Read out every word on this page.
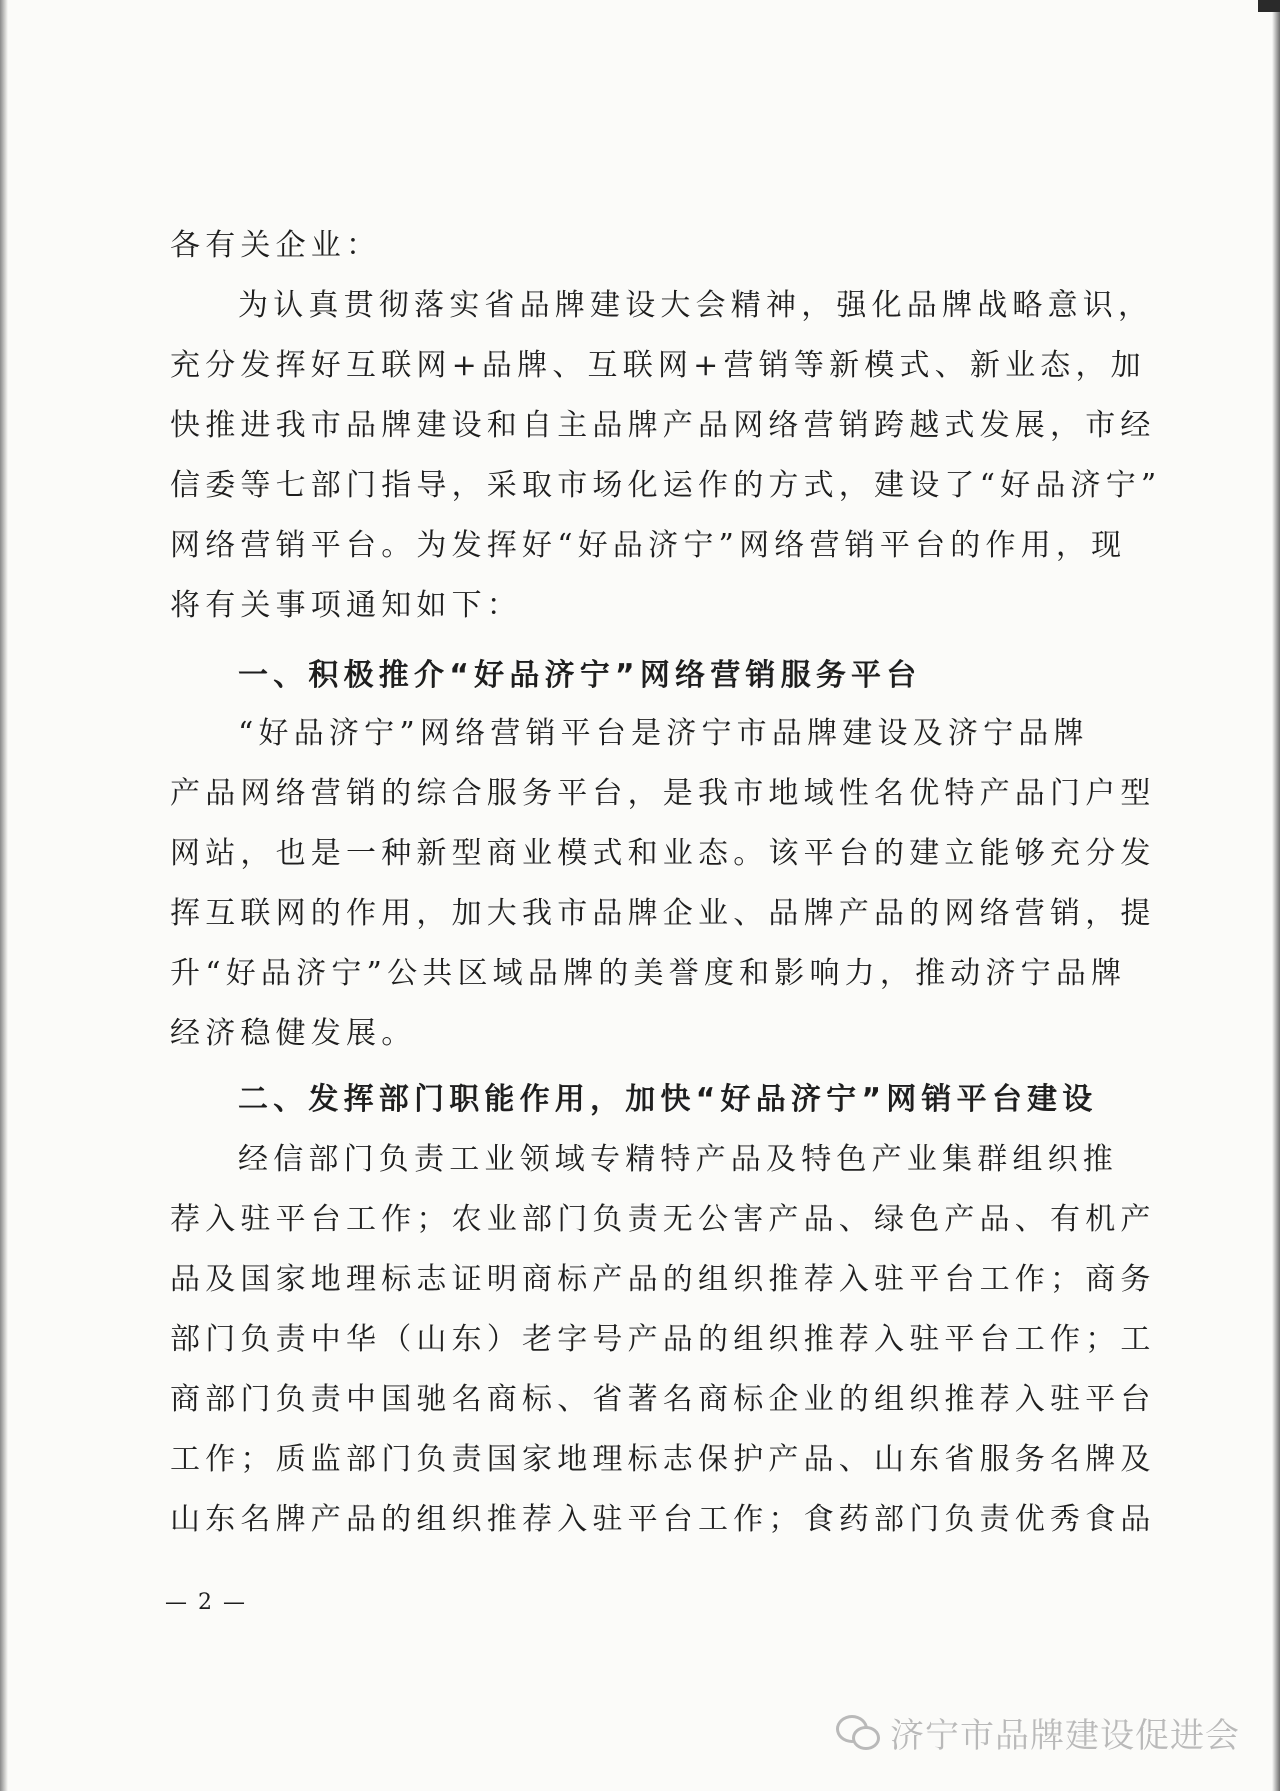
各有关企业：
为认真贯彻落实省品牌建设大会精神，强化品牌战略意识，
充分发挥好互联网+品牌、互联网+营销等新模式、新业态，加
快推进我市品牌建设和自主品牌产品网络营销跨越式发展，市经
信委等七部门指导，采取市场化运作的方式，建设了“好品济宁”
网络营销平台。为发挥好“好品济宁”网络营销平台的作用，现
将有关事项通知如下：
一、积极推介“好品济宁”网络营销服务平台
“好品济宁”网络营销平台是济宁市品牌建设及济宁品牌
产品网络营销的综合服务平台，是我市地域性名优特产品门户型
网站，也是一种新型商业模式和业态。该平台的建立能够充分发
挥互联网的作用，加大我市品牌企业、品牌产品的网络营销，提
升“好品济宁”公共区域品牌的美誉度和影响力，推动济宁品牌
经济稳健发展。
二、发挥部门职能作用，加快“好品济宁”网销平台建设
经信部门负责工业领域专精特产品及特色产业集群组织推
荐入驻平台工作；农业部门负责无公害产品、绿色产品、有机产
品及国家地理标志证明商标产品的组织推荐入驻平台工作；商务
部门负责中华（山东）老字号产品的组织推荐入驻平台工作；工
商部门负责中国驰名商标、省著名商标企业的组织推荐入驻平台
工作；质监部门负责国家地理标志保护产品、山东省服务名牌及
山东名牌产品的组织推荐入驻平台工作；食药部门负责优秀食品
— 2 —
济宁市品牌建设促进会
